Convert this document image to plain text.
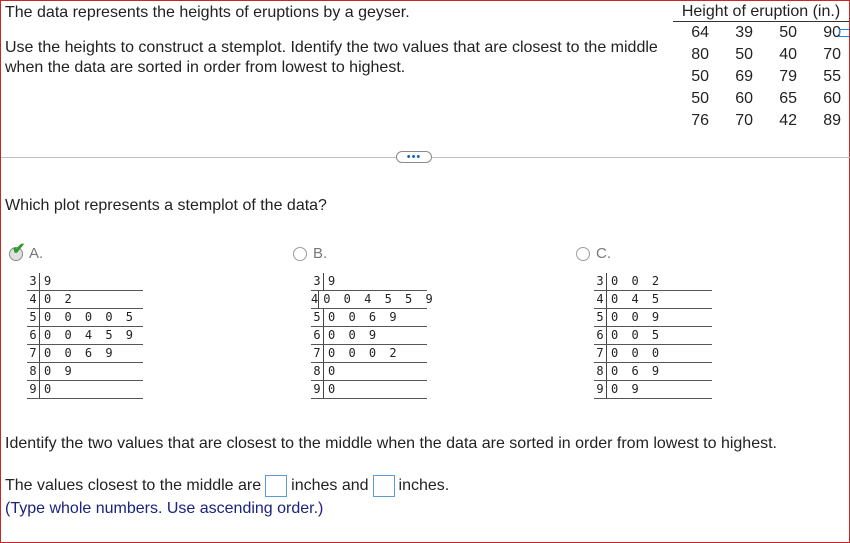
The data represents the heights of eruptions by a geyser.
Use the heights to construct a stemplot. Identify the two values that are closest to the middle when the data are sorted in order from lowest to highest.
Height of eruption (in.)
64	39	50	90
80	50	40	70
50	69	79	55
50	60	65	60
76	70	42	89
•••
Which plot represents a stemplot of the data?
✔ A.
3 9
4 0 2
5 0 0 0 0 5
6 0 0 4 5 9
7 0 0 6 9
8 0 9
9 0
B.
3 9
4 0 0 4 5 5 9
5 0 0 6 9
6 0 0 9
7 0 0 0 2
8 0
9 0
C.
3 0 0 2
4 0 4 5
5 0 0 9
6 0 0 5
7 0 0 0
8 0 6 9
9 0 9
Identify the two values that are closest to the middle when the data are sorted in order from lowest to highest.
The values closest to the middle are inches and inches.
(Type whole numbers. Use ascending order.)
